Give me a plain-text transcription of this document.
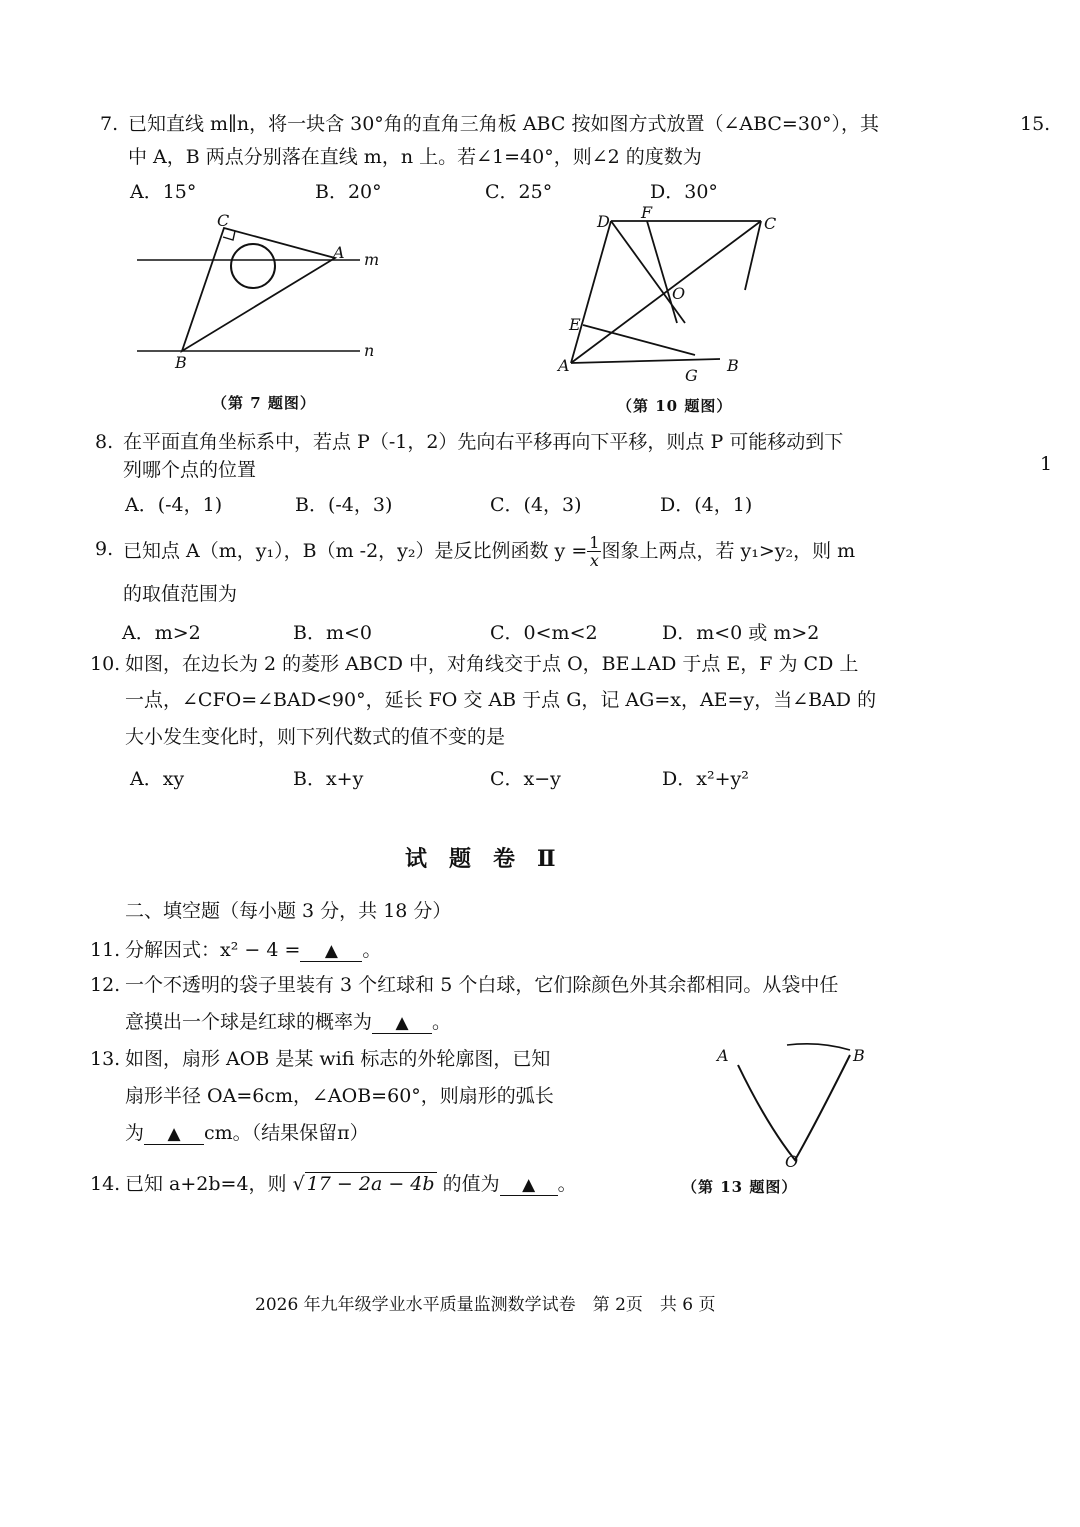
15.
1
7. 已知直线 m∥n，将一块含 30°角的直角三角板 ABC 按如图方式放置（∠ABC=30°），其
中 A，B 两点分别落在直线 m，n 上。若∠1=40°，则∠2 的度数为
A．15°	B．20°	C．25°	D．30°
C
A m
B
n
（第 7 题图）
D F
C
O
E
A
G
B
（第 10 题图）
8. 在平面直角坐标系中，若点 P（-1，2）先向右平移再向下平移，则点 P 可能移动到下
列哪个点的位置
A．(-4，1)	B．(-4，3)	C．(4，3)	D．(4，1)
9. 已知点 A（m，y₁），B（m -2，y₂）是反比例函数 $y = \frac{1}{x}$ 图象上两点，若 y₁>y₂，则 m
的取值范围为
A．m>2	B．m<0	C．0<m<2	D．m<0 或 m>2
10. 如图，在边长为 2 的菱形 ABCD 中，对角线交于点 O，BE⊥AD 于点 E，F 为 CD 上
一点，∠CFO=∠BAD<90°，延长 FO 交 AB 于点 G，记 AG=x，AE=y，当∠BAD 的
大小发生变化时，则下列代数式的值不变的是
A．xy	B．x+y	C．x−y	D．x²+y²
试题卷Ⅱ
二、填空题（每小题 3 分，共 18 分）
11. 分解因式：x² − 4 = ▲ 。
12. 一个不透明的袋子里装有 3 个红球和 5 个白球，它们除颜色外其余都相同。从袋中任
意摸出一个球是红球的概率为 ▲ 。
13. 如图，扇形 AOB 是某 wifi 标志的外轮廓图，已知
扇形半径 OA=6cm，∠AOB=60°，则扇形的弧长
为 ▲ cm。（结果保留π）
A	B
O
（第 13 题图）
14. 已知 a+2b=4，则 √ 17 − 2a − 4b 的值为 ▲ 。
2026 年九年级学业水平质量监测数学试卷　第 2页　共 6 页
